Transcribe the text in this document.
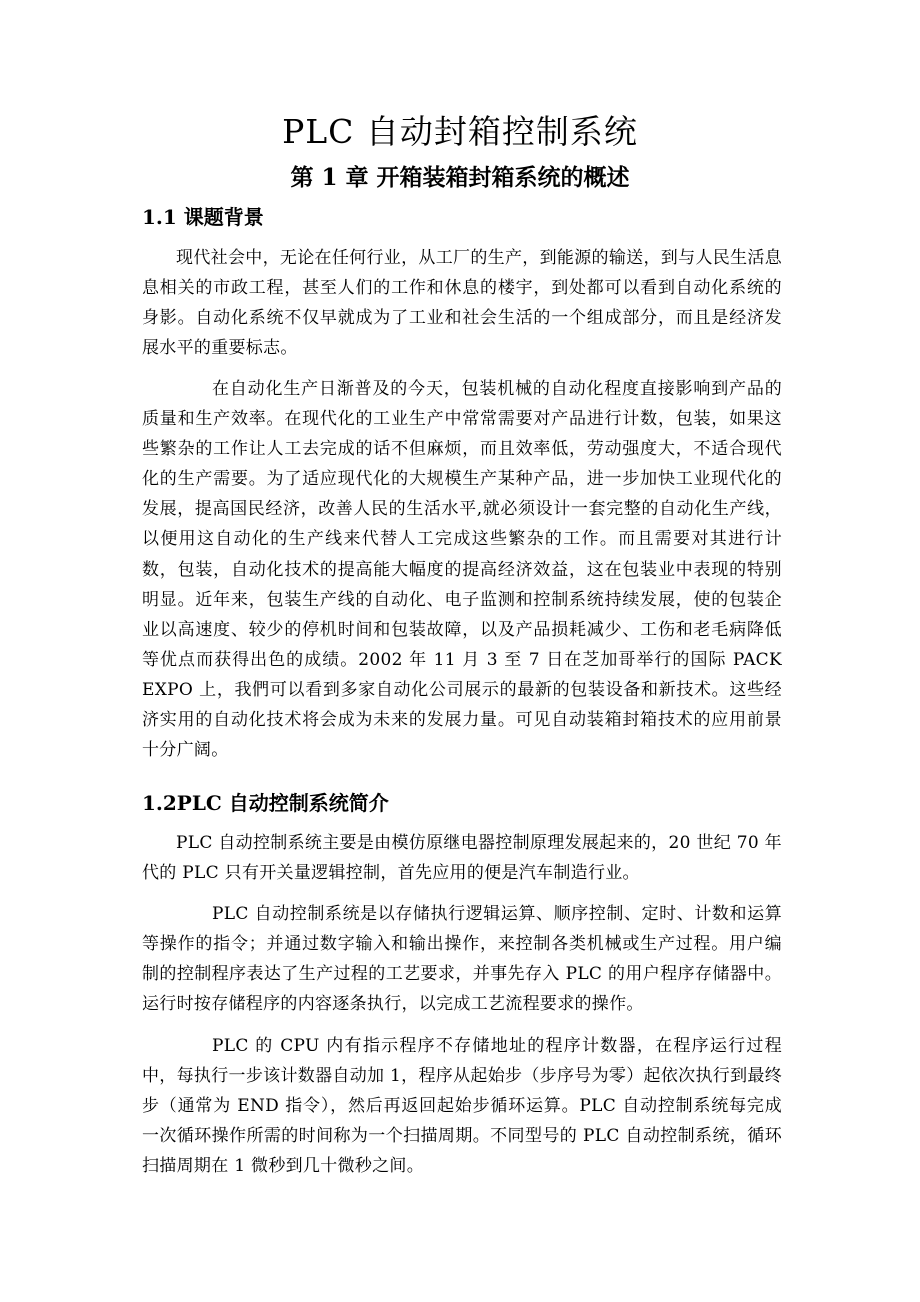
PLC 自动封箱控制系统
第 1 章 开箱装箱封箱系统的概述
1.1 课题背景

现代社会中，无论在任何行业，从工厂的生产，到能源的输送，到与人民生活息息相关的市政工程，甚至人们的工作和休息的楼宇，到处都可以看到自动化系统的身影。自动化系统不仅早就成为了工业和社会生活的一个组成部分，而且是经济发展水平的重要标志。

在自动化生产日渐普及的今天，包装机械的自动化程度直接影响到产品的质量和生产效率。在现代化的工业生产中常常需要对产品进行计数，包装，如果这些繁杂的工作让人工去完成的话不但麻烦，而且效率低，劳动强度大，不适合现代化的生产需要。为了适应现代化的大规模生产某种产品，进一步加快工业现代化的发展，提高国民经济，改善人民的生活水平,就必须设计一套完整的自动化生产线，以便用这自动化的生产线来代替人工完成这些繁杂的工作。而且需要对其进行计数，包装，自动化技术的提高能大幅度的提高经济效益，这在包装业中表现的特别明显。近年来，包装生产线的自动化、电子监测和控制系统持续发展，使的包装企业以高速度、较少的停机时间和包装故障，以及产品损耗减少、工伤和老毛病降低等优点而获得出色的成绩。2002 年 11 月 3 至 7 日在芝加哥举行的国际 PACK EXPO 上，我們可以看到多家自动化公司展示的最新的包装设备和新技术。这些经济实用的自动化技术将会成为未来的发展力量。可见自动装箱封箱技术的应用前景十分广阔。

1.2PLC 自动控制系统简介

PLC 自动控制系统主要是由模仿原继电器控制原理发展起来的，20 世纪 70 年代的 PLC 只有开关量逻辑控制，首先应用的便是汽车制造行业。

PLC 自动控制系统是以存储执行逻辑运算、顺序控制、定时、计数和运算等操作的指令；并通过数字输入和输出操作，来控制各类机械或生产过程。用户编制的控制程序表达了生产过程的工艺要求，并事先存入 PLC 的用户程序存储器中。运行时按存储程序的内容逐条执行，以完成工艺流程要求的操作。

PLC 的 CPU 内有指示程序不存储地址的程序计数器，在程序运行过程中，每执行一步该计数器自动加 1，程序从起始步（步序号为零）起依次执行到最终步（通常为 END 指令），然后再返回起始步循环运算。PLC 自动控制系统每完成一次循环操作所需的时间称为一个扫描周期。不同型号的 PLC 自动控制系统，循环扫描周期在 1 微秒到几十微秒之间。
